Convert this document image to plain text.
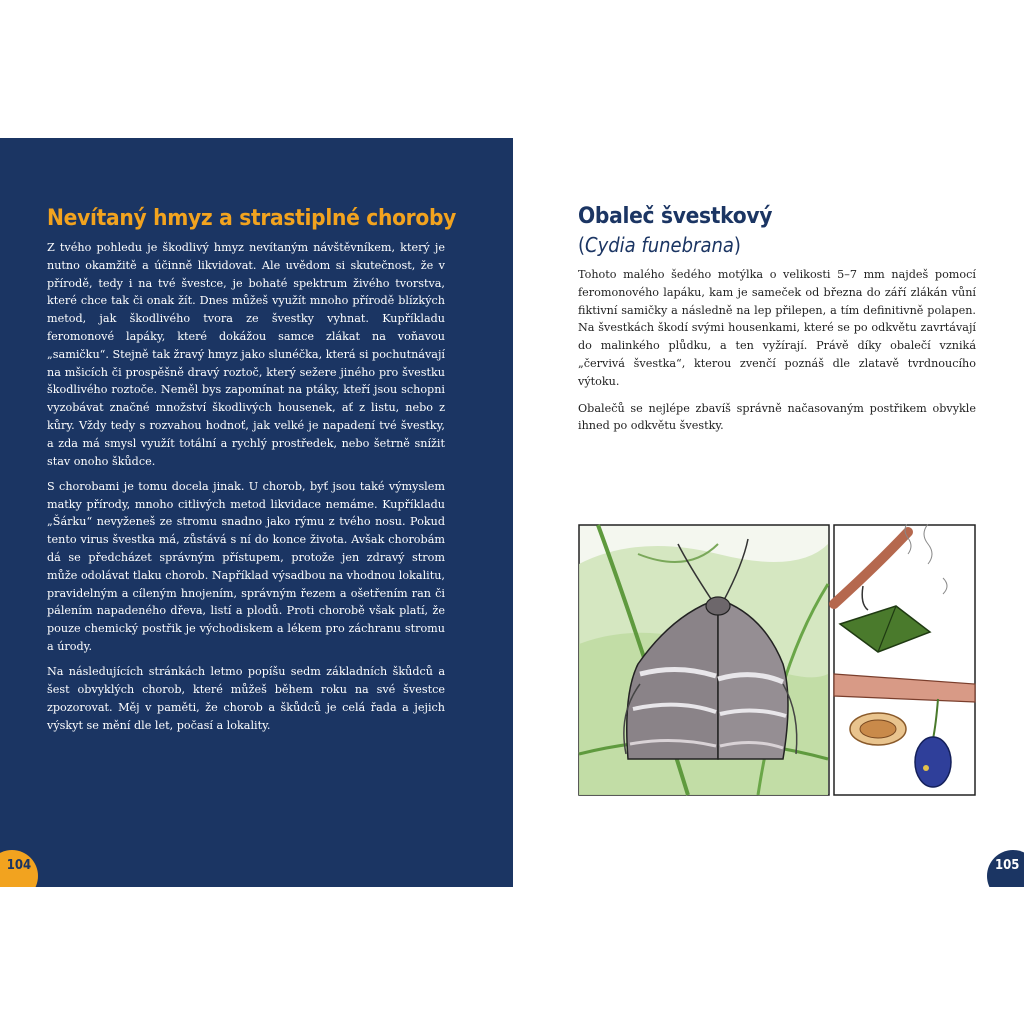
Nevítaný hmyz a strastiplné choroby

Z tvého pohledu je škodlivý hmyz nevítaným návštěvníkem, který je nutno okamžitě a účinně likvidovat. Ale uvědom si skutečnost, že v přírodě, tedy i na tvé švestce, je bohaté spektrum živého tvorstva, které chce tak či onak žít. Dnes můžeš využít mnoho přírodě blízkých metod, jak škodlivého tvora ze švestky vyhnat. Kupříkladu feromonové lapáky, které dokážou samce zlákat na voňavou „samičku“. Stejně tak žravý hmyz jako slunéčka, která si pochutnávají na mšicích či prospěšně dravý roztoč, který sežere jiného pro švestku škodlivého roztoče. Neměl bys zapomínat na ptáky, kteří jsou schopni vyzobávat značné množství škodlivých housenek, ať z listu, nebo z kůry. Vždy tedy s rozvahou hodnoť, jak velké je napadení tvé švestky, a zda má smysl využít totální a rychlý prostředek, nebo šetrně snížit stav onoho škůdce.

S chorobami je tomu docela jinak. U chorob, byť jsou také výmyslem matky přírody, mnoho citlivých metod likvidace nemáme. Kupříkladu „Šárku“ nevyženeš ze stromu snadno jako rýmu z tvého nosu. Pokud tento virus švestka má, zůstává s ní do konce života. Avšak chorobám dá se předcházet správným přístupem, protože jen zdravý strom může odolávat tlaku chorob. Například výsadbou na vhodnou lokalitu, pravidelným a cíleným hnojením, správným řezem a ošetřením ran či pálením napadeného dřeva, listí a plodů. Proti chorobě však platí, že pouze chemický postřik je východiskem a lékem pro záchranu stromu a úrody.

Na následujících stránkách letmo popíšu sedm základních škůdců a šest obvyklých chorob, které můžeš během roku na své švestce zpozorovat. Měj v paměti, že chorob a škůdců je celá řada a jejich výskyt se mění dle let, počasí a lokality.

104
Obaleč švestkový
(Cydia funebrana)

Tohoto malého šedého motýlka o velikosti 5–7 mm najdeš pomocí feromonového lapáku, kam je sameček od března do září zlákán vůní fiktivní samičky a následně na lep přilepen, a tím definitivně polapen. Na švestkách škodí svými housenkami, které se po odkvětu zavrtávají do malinkého plůdku, a ten vyžírají. Právě díky obalečí vzniká „červivá švestka“, kterou zvenčí poznáš dle zlatavě tvrdnoucího výtoku.

Obalečů se nejlépe zbavíš správně načasovaným postřikem obvykle ihned po odkvětu švestky.

105
